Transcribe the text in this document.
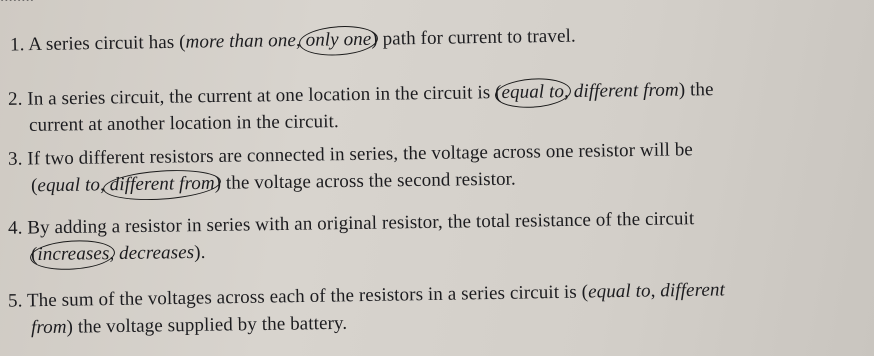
1. A series circuit has (more than one, only one) path for current to travel.
2. In a series circuit, the current at one location in the circuit is (equal to, different from) the
current at another location in the circuit.
3. If two different resistors are connected in series, the voltage across one resistor will be
(equal to, different from) the voltage across the second resistor.
4. By adding a resistor in series with an original resistor, the total resistance of the circuit
(increases, decreases).
5. The sum of the voltages across each of the resistors in a series circuit is (equal to, different
from) the voltage supplied by the battery.
